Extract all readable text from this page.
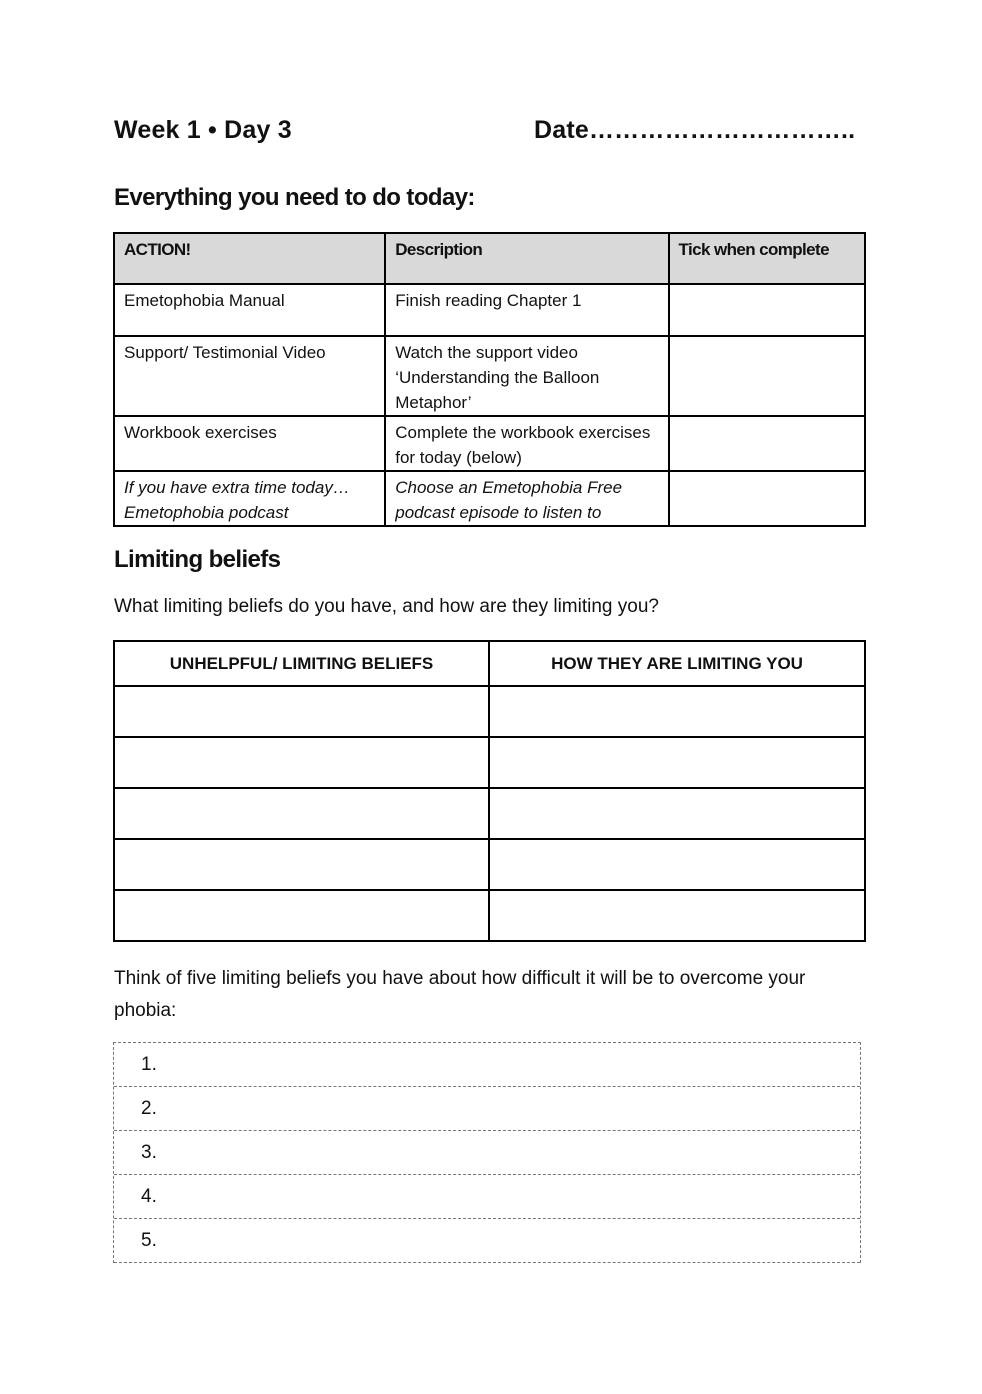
Week 1 • Day 3	Date…………………………..
Everything you need to do today:
ACTION!	Description	Tick when complete
Emetophobia Manual	Finish reading Chapter 1	
Support/ Testimonial Video	Watch the support video ‘Understanding the Balloon Metaphor’	
Workbook exercises	Complete the workbook exercises for today (below)	
If you have extra time today… Emetophobia podcast	Choose an Emetophobia Free podcast episode to listen to	
Limiting beliefs
What limiting beliefs do you have, and how are they limiting you?
UNHELPFUL/ LIMITING BELIEFS	HOW THEY ARE LIMITING YOU

Think of five limiting beliefs you have about how difficult it will be to overcome your phobia:
1.
2.
3.
4.
5.
